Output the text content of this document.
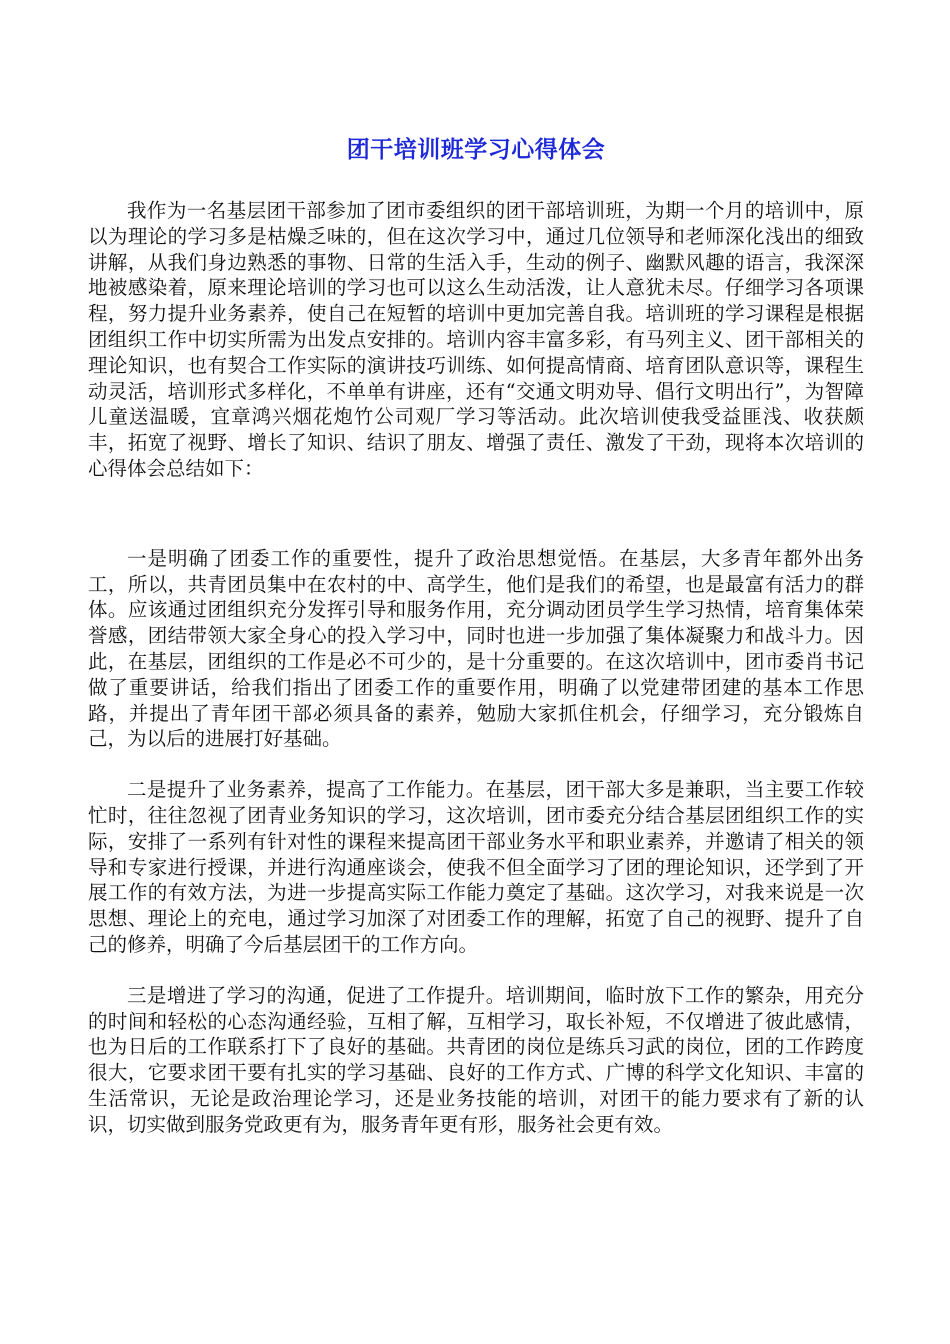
团干培训班学习心得体会

我作为一名基层团干部参加了团市委组织的团干部培训班，为期一个月的培训中，原以为理论的学习多是枯燥乏味的，但在这次学习中，通过几位领导和老师深化浅出的细致讲解，从我们身边熟悉的事物、日常的生活入手，生动的例子、幽默风趣的语言，我深深地被感染着，原来理论培训的学习也可以这么生动活泼，让人意犹未尽。仔细学习各项课程，努力提升业务素养，使自己在短暂的培训中更加完善自我。培训班的学习课程是根据团组织工作中切实所需为出发点安排的。培训内容丰富多彩，有马列主义、团干部相关的理论知识，也有契合工作实际的演讲技巧训练、如何提高情商、培育团队意识等，课程生动灵活，培训形式多样化，不单单有讲座，还有“交通文明劝导、倡行文明出行”，为智障儿童送温暖，宜章鸿兴烟花炮竹公司观厂学习等活动。此次培训使我受益匪浅、收获颇丰，拓宽了视野、增长了知识、结识了朋友、增强了责任、激发了干劲，现将本次培训的心得体会总结如下：

一是明确了团委工作的重要性，提升了政治思想觉悟。在基层，大多青年都外出务工，所以，共青团员集中在农村的中、高学生，他们是我们的希望，也是最富有活力的群体。应该通过团组织充分发挥引导和服务作用，充分调动团员学生学习热情，培育集体荣誉感，团结带领大家全身心的投入学习中，同时也进一步加强了集体凝聚力和战斗力。因此，在基层，团组织的工作是必不可少的，是十分重要的。在这次培训中，团市委肖书记做了重要讲话，给我们指出了团委工作的重要作用，明确了以党建带团建的基本工作思路，并提出了青年团干部必须具备的素养，勉励大家抓住机会，仔细学习，充分锻炼自己，为以后的进展打好基础。

二是提升了业务素养，提高了工作能力。在基层，团干部大多是兼职，当主要工作较忙时，往往忽视了团青业务知识的学习，这次培训，团市委充分结合基层团组织工作的实际，安排了一系列有针对性的课程来提高团干部业务水平和职业素养，并邀请了相关的领导和专家进行授课，并进行沟通座谈会，使我不但全面学习了团的理论知识，还学到了开展工作的有效方法，为进一步提高实际工作能力奠定了基础。这次学习，对我来说是一次思想、理论上的充电，通过学习加深了对团委工作的理解，拓宽了自己的视野、提升了自己的修养，明确了今后基层团干的工作方向。

三是增进了学习的沟通，促进了工作提升。培训期间，临时放下工作的繁杂，用充分的时间和轻松的心态沟通经验，互相了解，互相学习，取长补短，不仅增进了彼此感情，也为日后的工作联系打下了良好的基础。共青团的岗位是练兵习武的岗位，团的工作跨度很大，它要求团干要有扎实的学习基础、良好的工作方式、广博的科学文化知识、丰富的生活常识，无论是政治理论学习，还是业务技能的培训，对团干的能力要求有了新的认识，切实做到服务党政更有为，服务青年更有形，服务社会更有效。
